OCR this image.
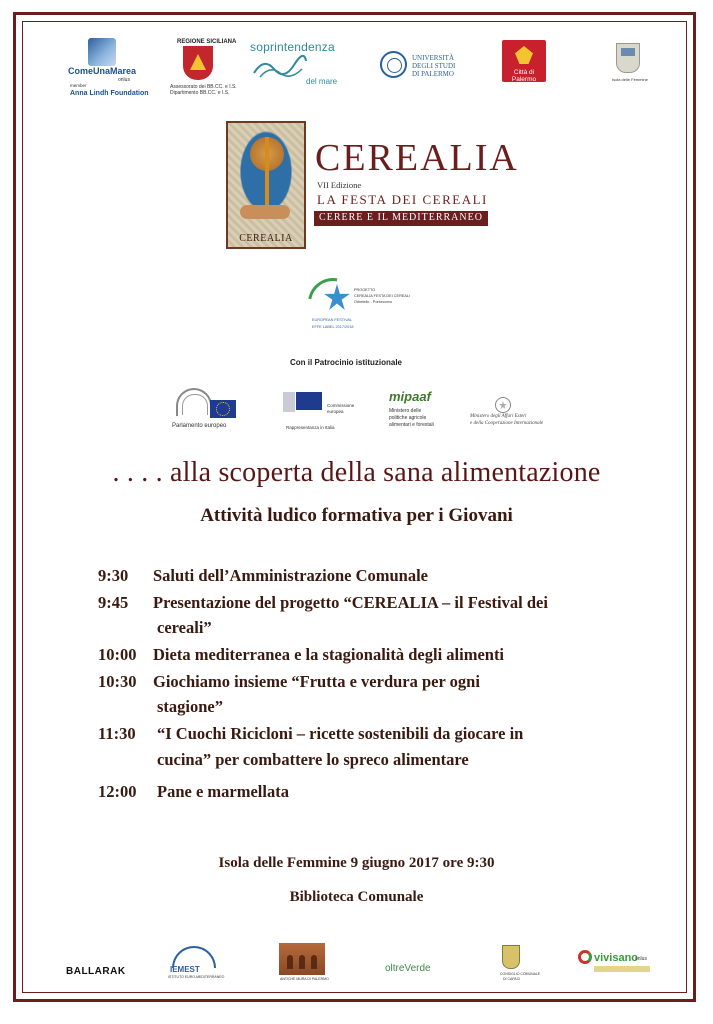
ComeUnaMarea
onlus
member
Anna Lindh Foundation
REGIONE SICILIANA
Assessorato dei BB.CC. e I.S.
Dipartimento BB.CC. e I.S.
soprintendenza
del mare
UNIVERSITÀ
DEGLI STUDI
DI PALERMO	Città di Palermo	Isola delle Femmine
CEREALIA
CEREALIA
VII Edizione
LA FESTA DEI CEREALI
CERERE E IL MEDITERRANEO
PROGETTO
CEREALIA FESTA DEI CEREALI
Orbetello - Pontecorvo
EUROPEAN FESTIVAL
EFFE LABEL 2017/2018
Con il Patrocinio istituzionale
Parlamento europeo
Commissione
europea
Rappresentanza in Italia
mipaaf
Ministero delle
politiche agricole
alimentari e forestali
Ministero degli Affari Esteri
e della Cooperazione Internazionale
. . . . alla scoperta della sana alimentazione
Attività ludico formativa per i Giovani
9:30 Saluti dell’Amministrazione Comunale
9:45 Presentazione del progetto “CEREALIA – il Festival dei
cereali”
10:00 Dieta mediterranea e la stagionalità degli alimenti
10:30 Giochiamo insieme “Frutta e verdura per ogni
stagione”
11:30 “I Cuochi Ricicloni – ricette sostenibili da giocare in
cucina” per combattere lo spreco alimentare
12:00 Pane e marmellata
Isola delle Femmine 9 giugno 2017 ore 9:30
Biblioteca Comunale
BALLARAK	IEMEST
ISTITUTO EURO-MEDITERRANEO	ANTICHE MURA DI PALERMO
oltreVerde	CONSIGLIO COMUNALE
DI CAPACI
vivisano
onlus
